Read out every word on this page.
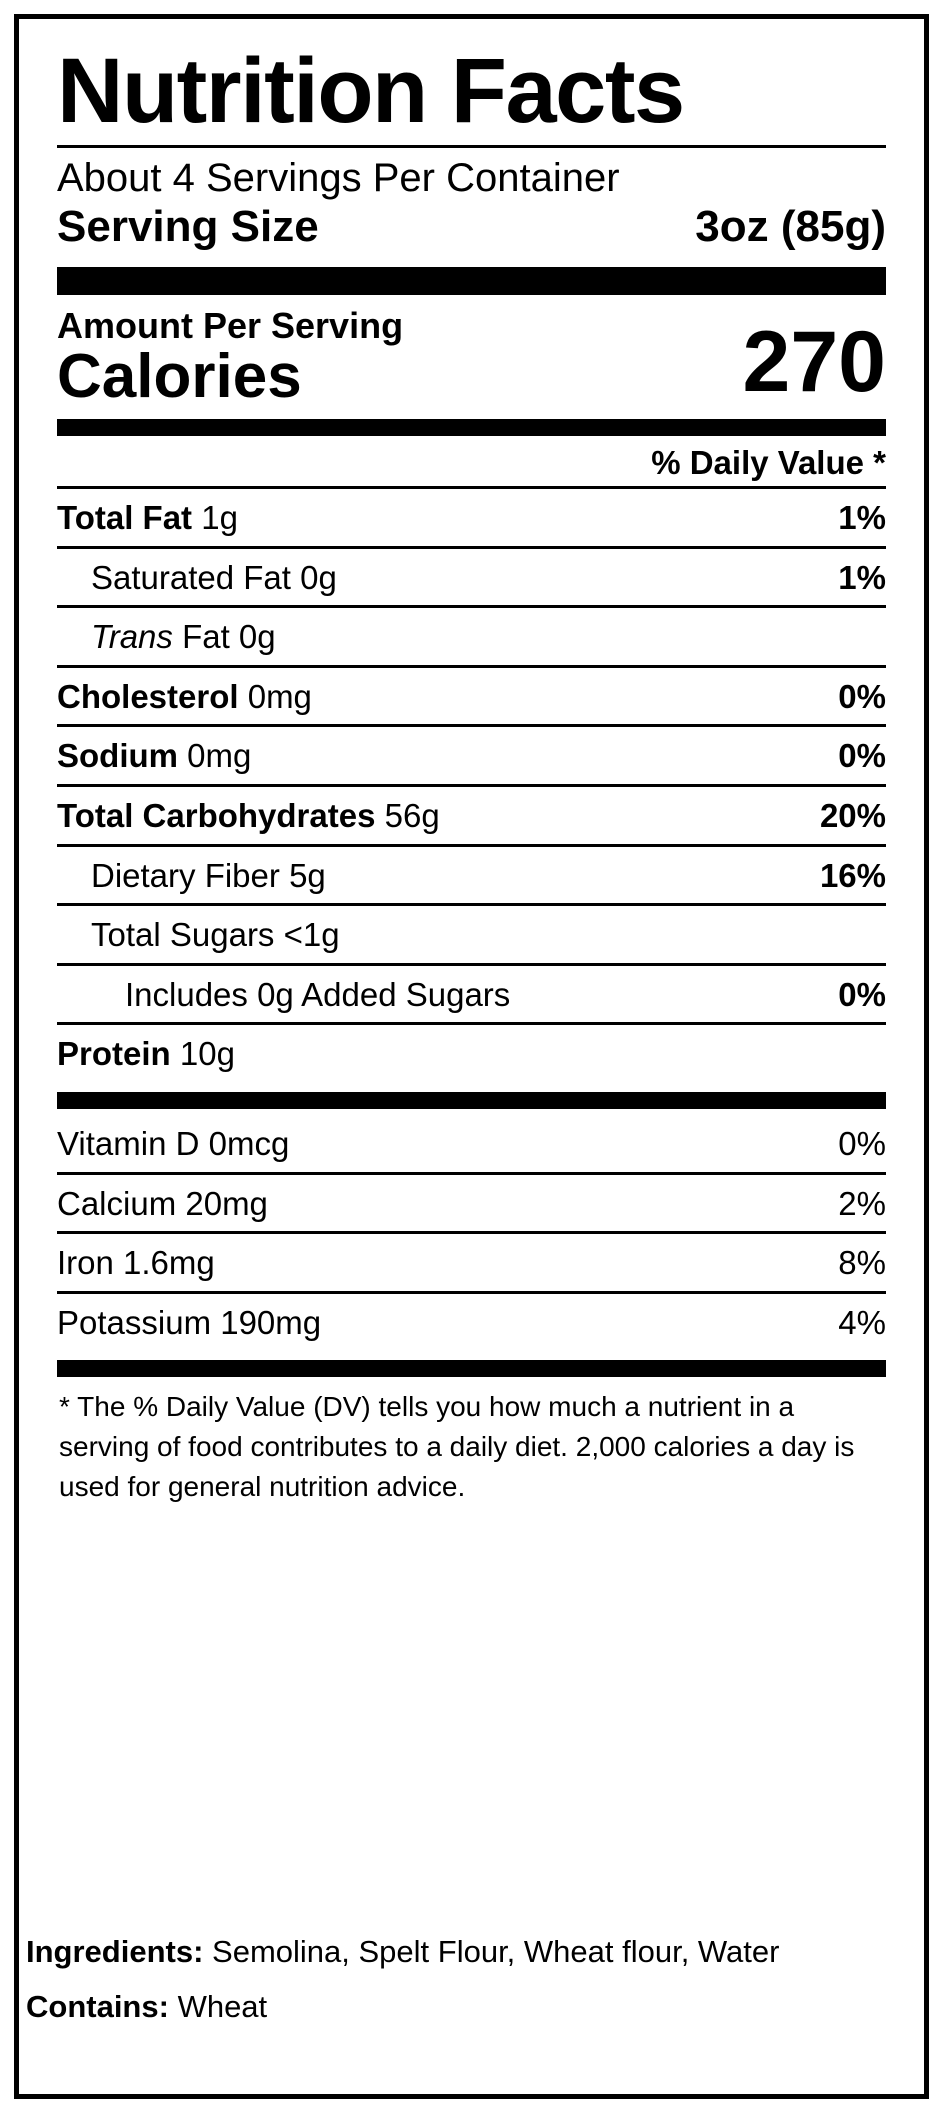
Nutrition Facts
About 4 Servings Per Container
Serving Size	3oz (85g)
Amount Per Serving
Calories	270
% Daily Value *
Total Fat 1g	1%
Saturated Fat 0g	1%
Trans Fat 0g
Cholesterol 0mg	0%
Sodium 0mg	0%
Total Carbohydrates 56g	20%
Dietary Fiber 5g	16%
Total Sugars <1g
Includes 0g Added Sugars	0%
Protein 10g
Vitamin D 0mcg	0%
Calcium 20mg	2%
Iron 1.6mg	8%
Potassium 190mg	4%
* The % Daily Value (DV) tells you how much a nutrient in a serving of food contributes to a daily diet. 2,000 calories a day is used for general nutrition advice.
Ingredients: Semolina, Spelt Flour, Wheat flour, Water
Contains: Wheat
